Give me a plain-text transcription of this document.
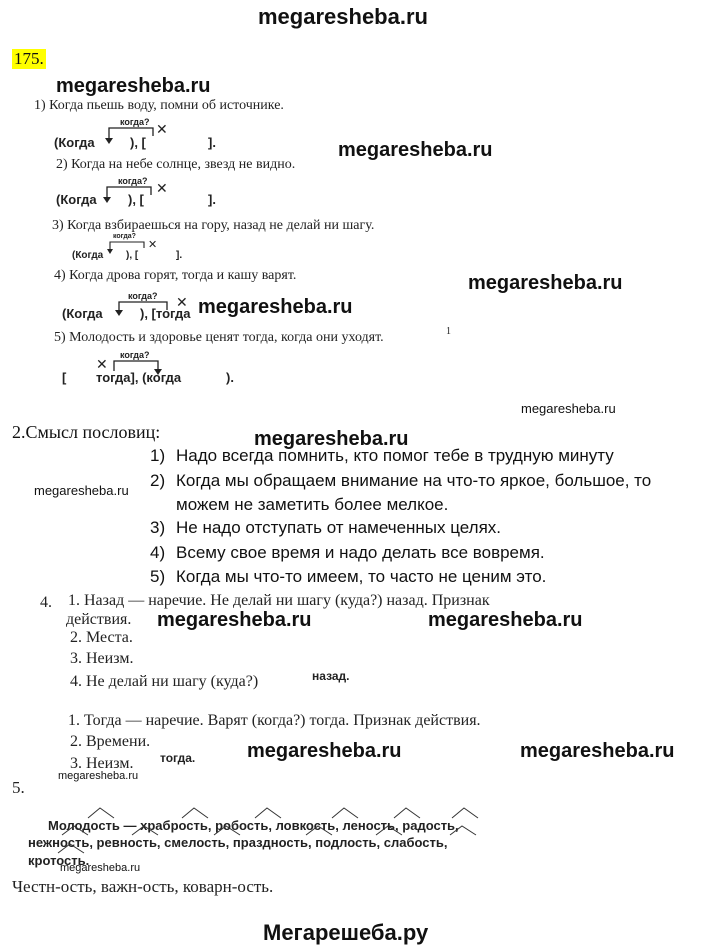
megaresheba.ru
175.
megaresheba.ru
megaresheba.ru
megaresheba.ru
megaresheba.ru
megaresheba.ru
megaresheba.ru
megaresheba.ru
megaresheba.ru	megaresheba.ru
megaresheba.ru	megaresheba.ru
megaresheba.ru
megaresheba.ru
1) Когда пьешь воду, помни об источнике.
(Когда
когда?
), [
✕
].
2) Когда на небе солнце, звезд не видно.
(Когда
когда?
), [
✕
].
3) Когда взбираешься на гору, назад не делай ни шагу.
(Когда
когда?
), [
✕
].
4) Когда дрова горят, тогда и кашу варят.
(Когда
когда?
), [тогда
✕
5) Молодость и здоровье ценят тогда, когда они уходят.	1
[
✕
когда?
тогда], (когда	).
2.Смысл пословиц:
1) Надо всегда помнить, кто помог тебе в трудную минуту
2) Когда мы обращаем внимание на что-то яркое, большое, то
можем не заметить более мелкое.
3) Не надо отступать от намеченных целях.
4) Всему свое время и надо делать все вовремя.
5) Когда мы что-то имеем, то часто не ценим это.
4. 1. Назад — наречие. Не делай ни шагу (куда?) назад. Признак
действия.
2. Места.
3. Неизм.
4. Не делай ни шагу (куда?)	назад.
1. Тогда — наречие. Варят (когда?) тогда. Признак действия.
2. Времени.
3. Неизм. тогда.
5.
Молодость — храбрость, робость, ловкость, леность, радость,
нежность, ревность, смелость, праздность, подлость, слабость,
кротость.
Честн-ость, важн-ость, коварн-ость.
Мегарешеба.ру
